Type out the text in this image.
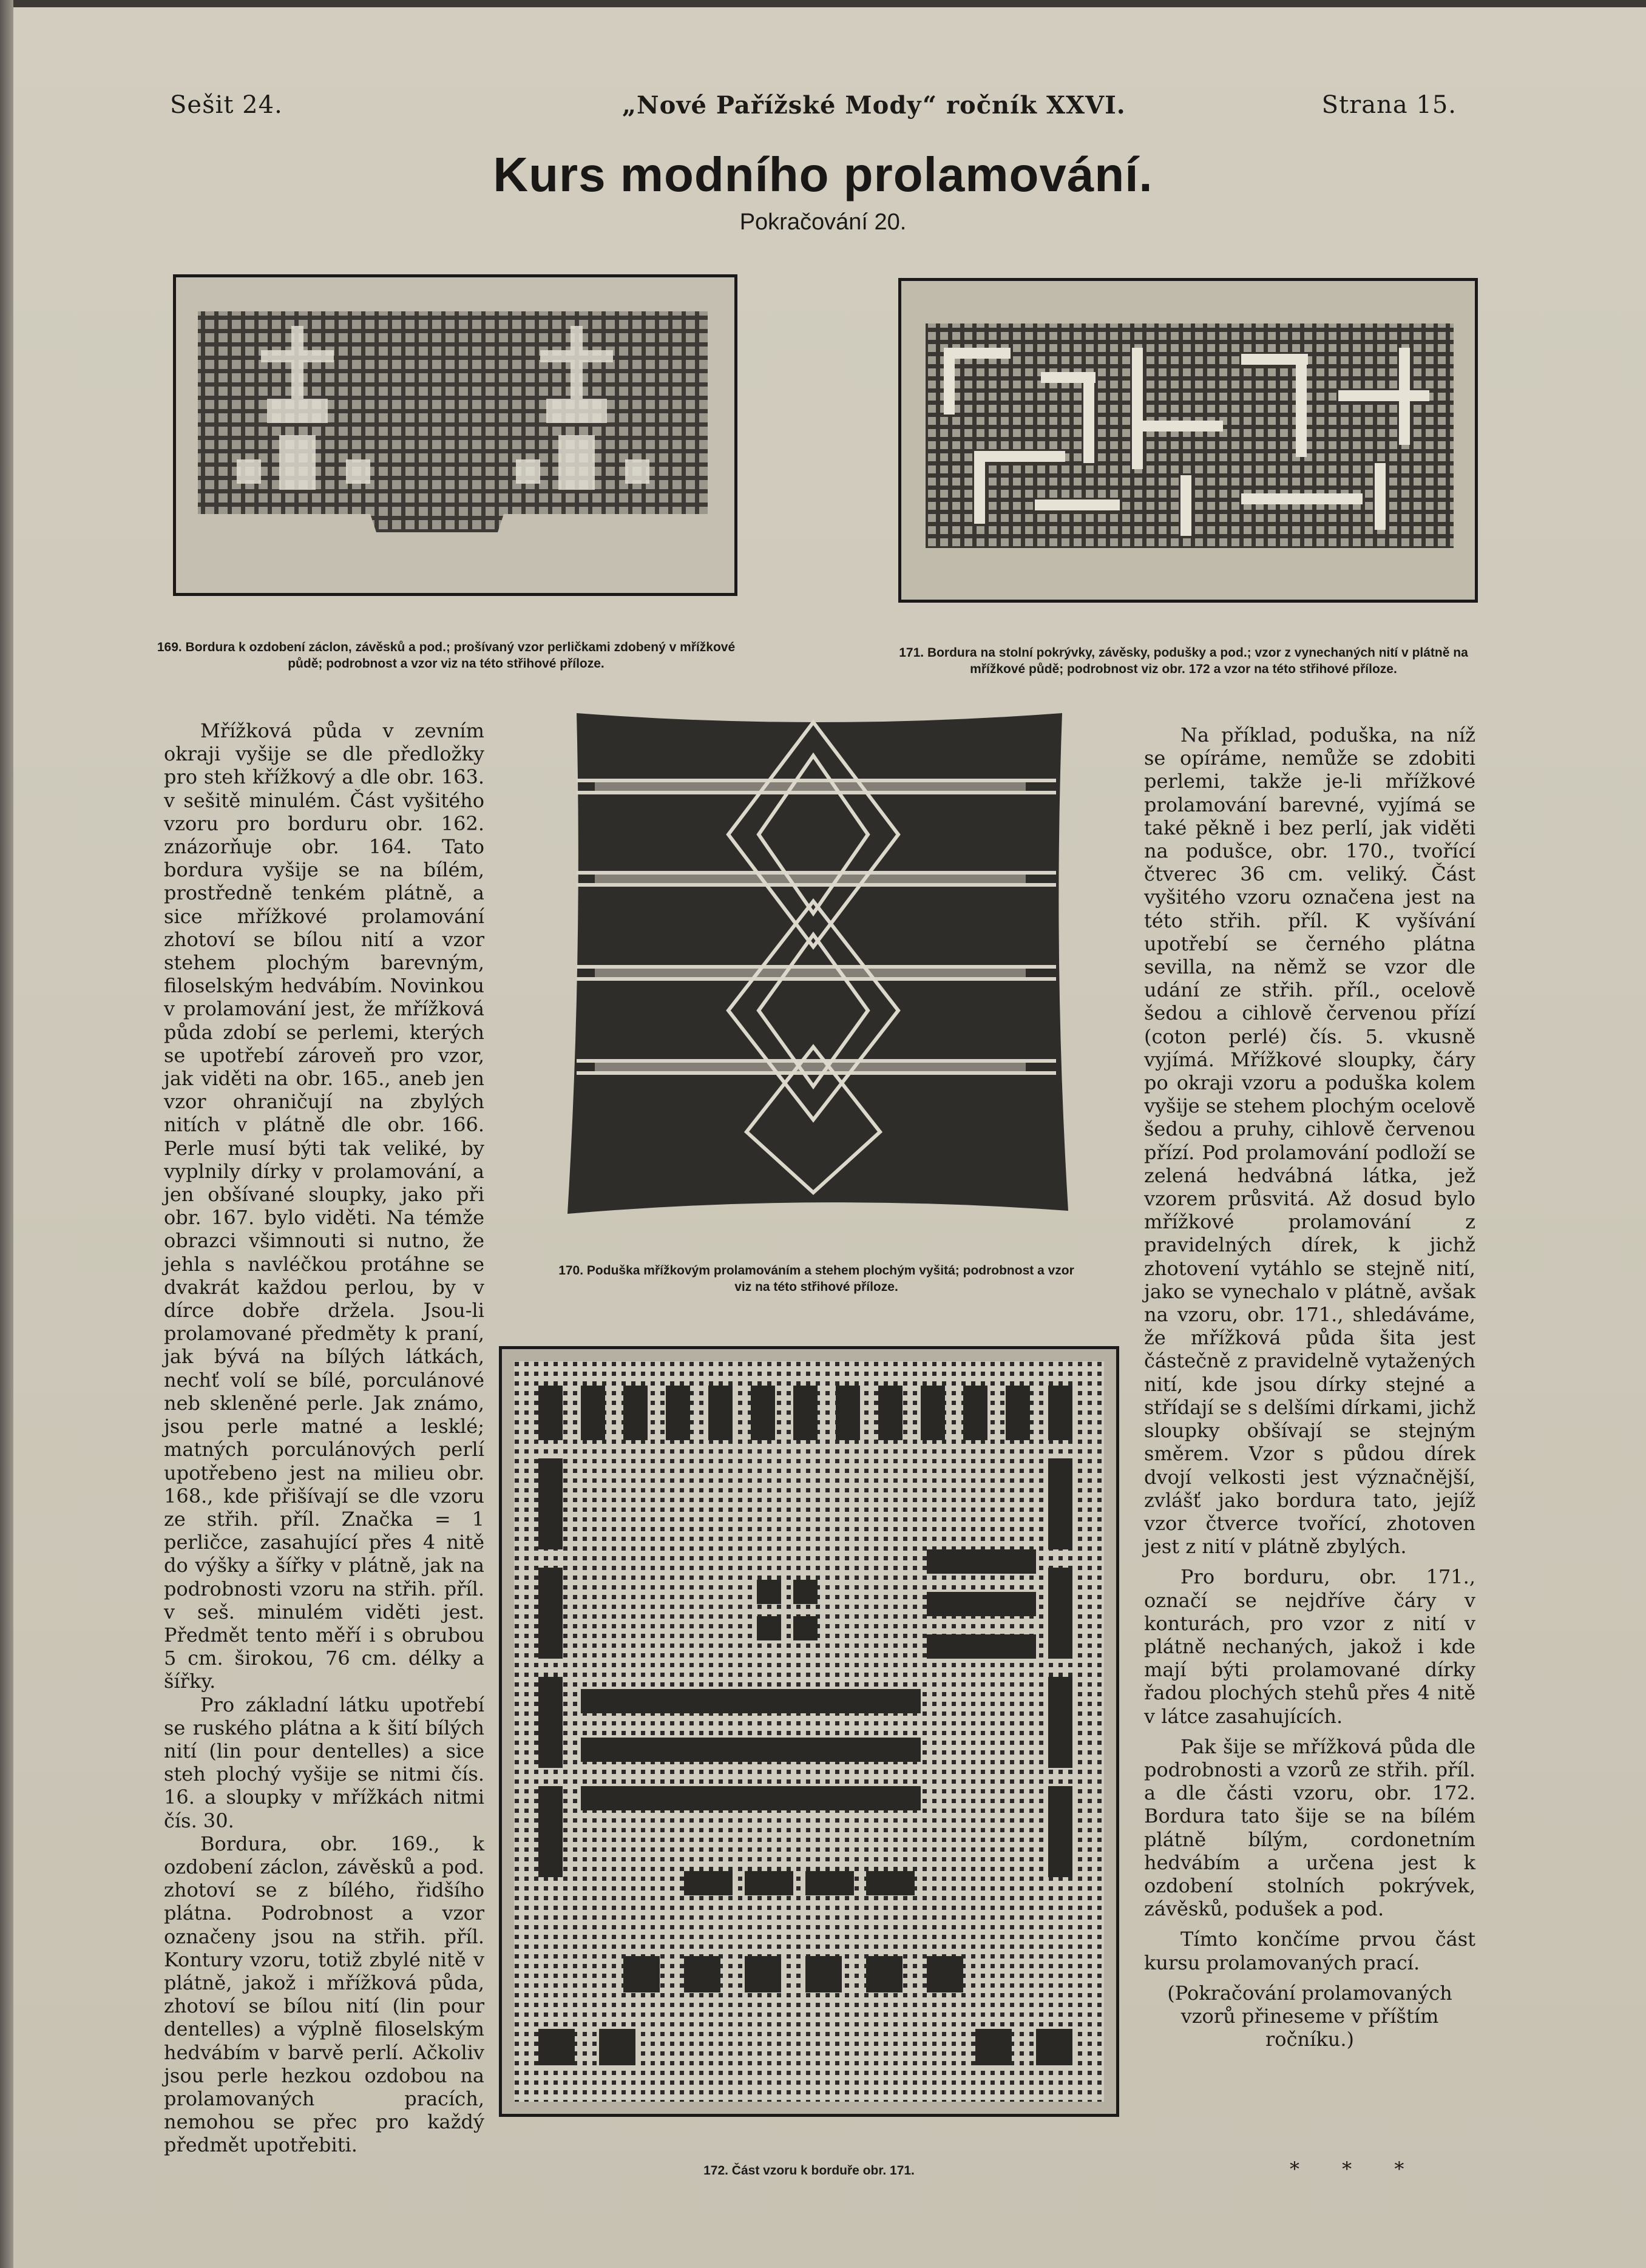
Sešit 24.	„Nové Pařížské Mody“ ročník XXVI.	Strana 15.
Kurs modního prolamování.
Pokračování 20.
169. Bordura k ozdobení záclon, závěsků a pod.; prošívaný vzor perličkami zdobený v mřížkové půdě; podrobnost a vzor viz na této střihové příloze.
171. Bordura na stolní pokrývky, závěsky, podušky a pod.; vzor z vynechaných nití v plátně na mřížkové půdě; podrobnost viz obr. 172 a vzor na této střihové příloze.
170. Poduška mřížkovým prolamováním a stehem plochým vyšitá; podrobnost a vzor viz na této střihové příloze.
172. Část vzoru k borduře obr. 171.

Mřížková půda v zevním okraji vyšije se dle předložky pro steh křížkový a dle obr. 163. v sešitě minulém. Část vyšitého vzoru pro borduru obr. 162. znázorňuje obr. 164. Tato bordura vyšije se na bílém, prostředně tenkém plátně, a sice mřížkové prolamování zhotoví se bílou nití a vzor stehem plochým barevným, filoselským hedvábím. Novinkou v prolamování jest, že mřížková půda zdobí se perlemi, kterých se upotřebí zároveň pro vzor, jak viděti na obr. 165., aneb jen vzor ohraničují na zbylých nitích v plátně dle obr. 166. Perle musí býti tak veliké, by vyplnily dírky v prolamování, a jen obšívané sloupky, jako při obr. 167. bylo viděti. Na témže obrazci všimnouti si nutno, že jehla s navléčkou protáhne se dvakrát každou perlou, by v dírce dobře držela. Jsou-li prolamované předměty k praní, jak bývá na bílých látkách, nechť volí se bílé, porculánové neb skleněné perle. Jak známo, jsou perle matné a lesklé; matných porculánových perlí upotřebeno jest na milieu obr. 168., kde přišívají se dle vzoru ze střih. příl. Značka = 1 perličce, zasahující přes 4 nitě do výšky a šířky v plátně, jak na podrobnosti vzoru na střih. příl. v seš. minulém viděti jest. Předmět tento měří i s obrubou 5 cm. širokou, 76 cm. délky a šířky.

Pro základní látku upotřebí se ruského plátna a k šití bílých nití (lin pour dentelles) a sice steh plochý vyšije se nitmi čís. 16. a sloupky v mřížkách nitmi čís. 30.

Bordura, obr. 169., k ozdobení záclon, závěsků a pod. zhotoví se z bílého, řidšího plátna. Podrobnost a vzor označeny jsou na střih. příl. Kontury vzoru, totiž zbylé nitě v plátně, jakož i mřížková půda, zhotoví se bílou nití (lin pour dentelles) a výplně filoselským hedvábím v barvě perlí. Ačkoliv jsou perle hezkou ozdobou na prolamovaných pracích, nemohou se přec pro každý předmět upotřebiti.

Na příklad, poduška, na níž se opíráme, nemůže se zdobiti perlemi, takže je-li mřížkové prolamování barevné, vyjímá se také pěkně i bez perlí, jak viděti na podušce, obr. 170., tvořící čtverec 36 cm. veliký. Část vyšitého vzoru označena jest na této střih. příl. K vyšívání upotřebí se černého plátna sevilla, na němž se vzor dle udání ze střih. příl., ocelově šedou a cihlově červenou přízí (coton perlé) čís. 5. vkusně vyjímá. Mřížkové sloupky, čáry po okraji vzoru a poduška kolem vyšije se stehem plochým ocelově šedou a pruhy, cihlově červenou přízí. Pod prolamování podloží se zelená hedvábná látka, jež vzorem průsvitá. Až dosud bylo mřížkové prolamování z pravidelných dírek, k jichž zhotovení vytáhlo se stejně nití, jako se vynechalo v plátně, avšak na vzoru, obr. 171., shledáváme, že mřížková půda šita jest částečně z pravidelně vytažených nití, kde jsou dírky stejné a střídají se s delšími dírkami, jichž sloupky obšívají se stejným směrem. Vzor s půdou dírek dvojí velkosti jest význačnější, zvlášť jako bordura tato, jejíž vzor čtverce tvořící, zhotoven jest z nití v plátně zbylých.

Pro borduru, obr. 171., označí se nejdříve čáry v konturách, pro vzor z nití v plátně nechaných, jakož i kde mají býti prolamované dírky řadou plochých stehů přes 4 nitě v látce zasahujících.

Pak šije se mřížková půda dle podrobnosti a vzorů ze střih. příl. a dle části vzoru, obr. 172. Bordura tato šije se na bílém plátně bílým, cordonetním hedvábím a určena jest k ozdobení stolních pokrývek, závěsků, podušek a pod.

Tímto končíme prvou část kursu prolamovaných prací.

(Pokračování prolamovaných vzorů přineseme v příštím ročníku.)

* * *
